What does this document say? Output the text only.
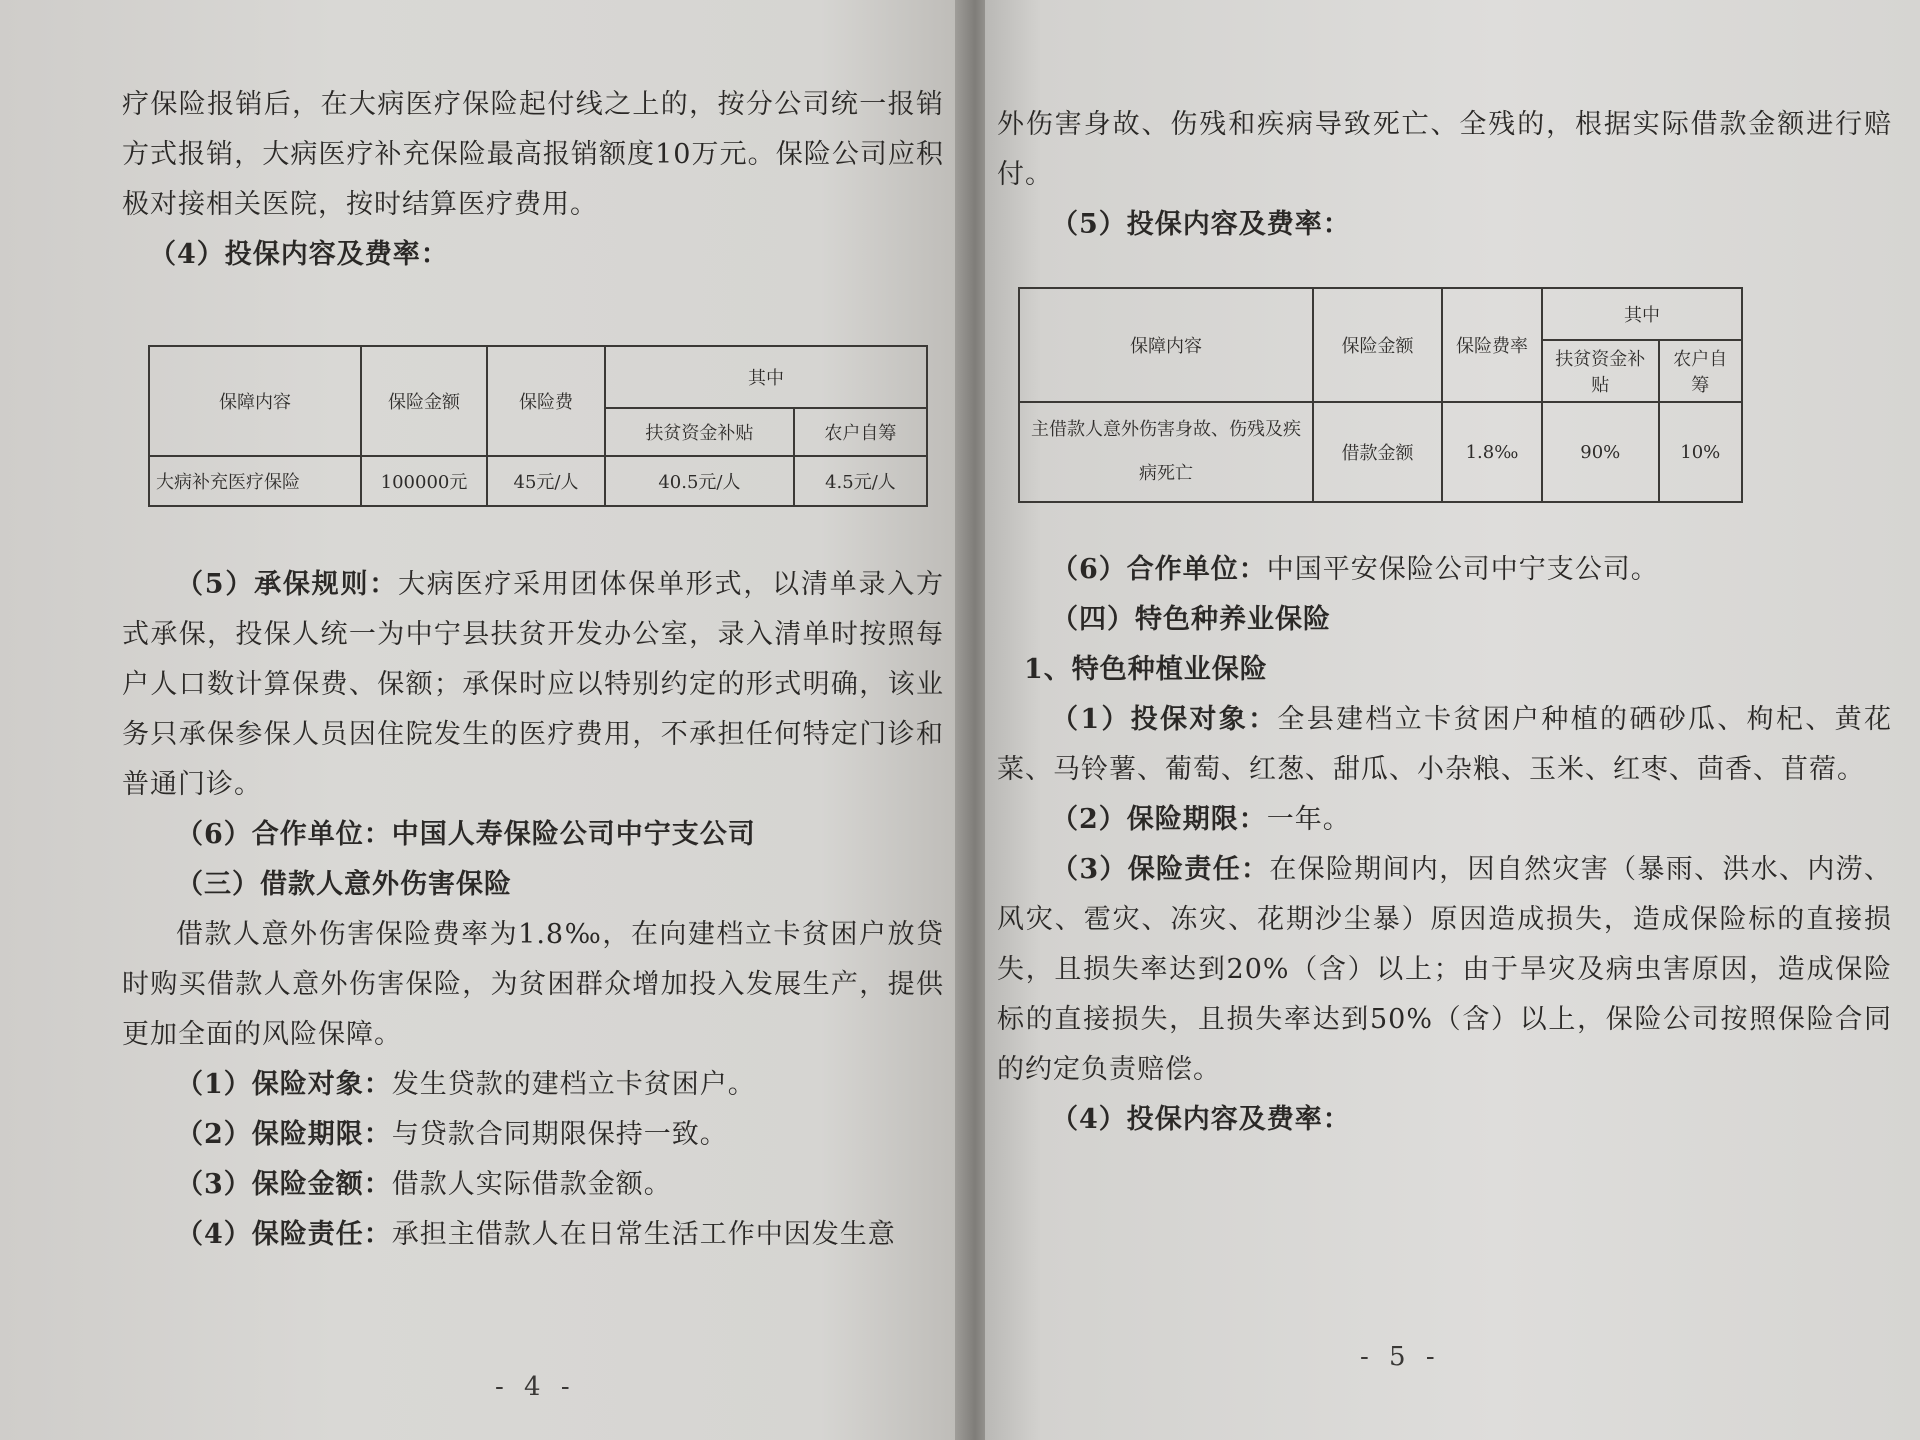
疗保险报销后，在大病医疗保险起付线之上的，按分公司统一报销方式报销，大病医疗补充保险最高报销额度10万元。保险公司应积极对接相关医院，按时结算医疗费用。

（4）投保内容及费率：

保障内容	保险金额	保险费	其中	
			扶贫资金补贴	农户自筹
大病补充医疗保险	100000元	45元/人	40.5元/人	4.5元/人

（5）承保规则：大病医疗采用团体保单形式，以清单录入方式承保，投保人统一为中宁县扶贫开发办公室，录入清单时按照每户人口数计算保费、保额；承保时应以特别约定的形式明确，该业务只承保参保人员因住院发生的医疗费用，不承担任何特定门诊和普通门诊。

（6）合作单位：中国人寿保险公司中宁支公司

（三）借款人意外伤害保险

借款人意外伤害保险费率为1.8‰，在向建档立卡贫困户放贷时购买借款人意外伤害保险，为贫困群众增加投入发展生产，提供更加全面的风险保障。

（1）保险对象：发生贷款的建档立卡贫困户。

（2）保险期限：与贷款合同期限保持一致。

（3）保险金额：借款人实际借款金额。

（4）保险责任：承担主借款人在日常生活工作中因发生意

- 4 -

外伤害身故、伤残和疾病导致死亡、全残的，根据实际借款金额进行赔付。

（5）投保内容及费率：

保障内容	保险金额	保险费率	其中	
			扶贫资金补贴	农户自筹
主借款人意外伤害身故、伤残及疾病死亡	借款金额	1.8‰	90%	10%

（6）合作单位：中国平安保险公司中宁支公司。

（四）特色种养业保险

1、特色种植业保险

（1）投保对象：全县建档立卡贫困户种植的硒砂瓜、枸杞、黄花菜、马铃薯、葡萄、红葱、甜瓜、小杂粮、玉米、红枣、茴香、苜蓿。

（2）保险期限：一年。

（3）保险责任：在保险期间内，因自然灾害（暴雨、洪水、内涝、风灾、雹灾、冻灾、花期沙尘暴）原因造成损失，造成保险标的直接损失，且损失率达到20%（含）以上；由于旱灾及病虫害原因，造成保险标的直接损失，且损失率达到50%（含）以上，保险公司按照保险合同的约定负责赔偿。

（4）投保内容及费率：

- 5 -
